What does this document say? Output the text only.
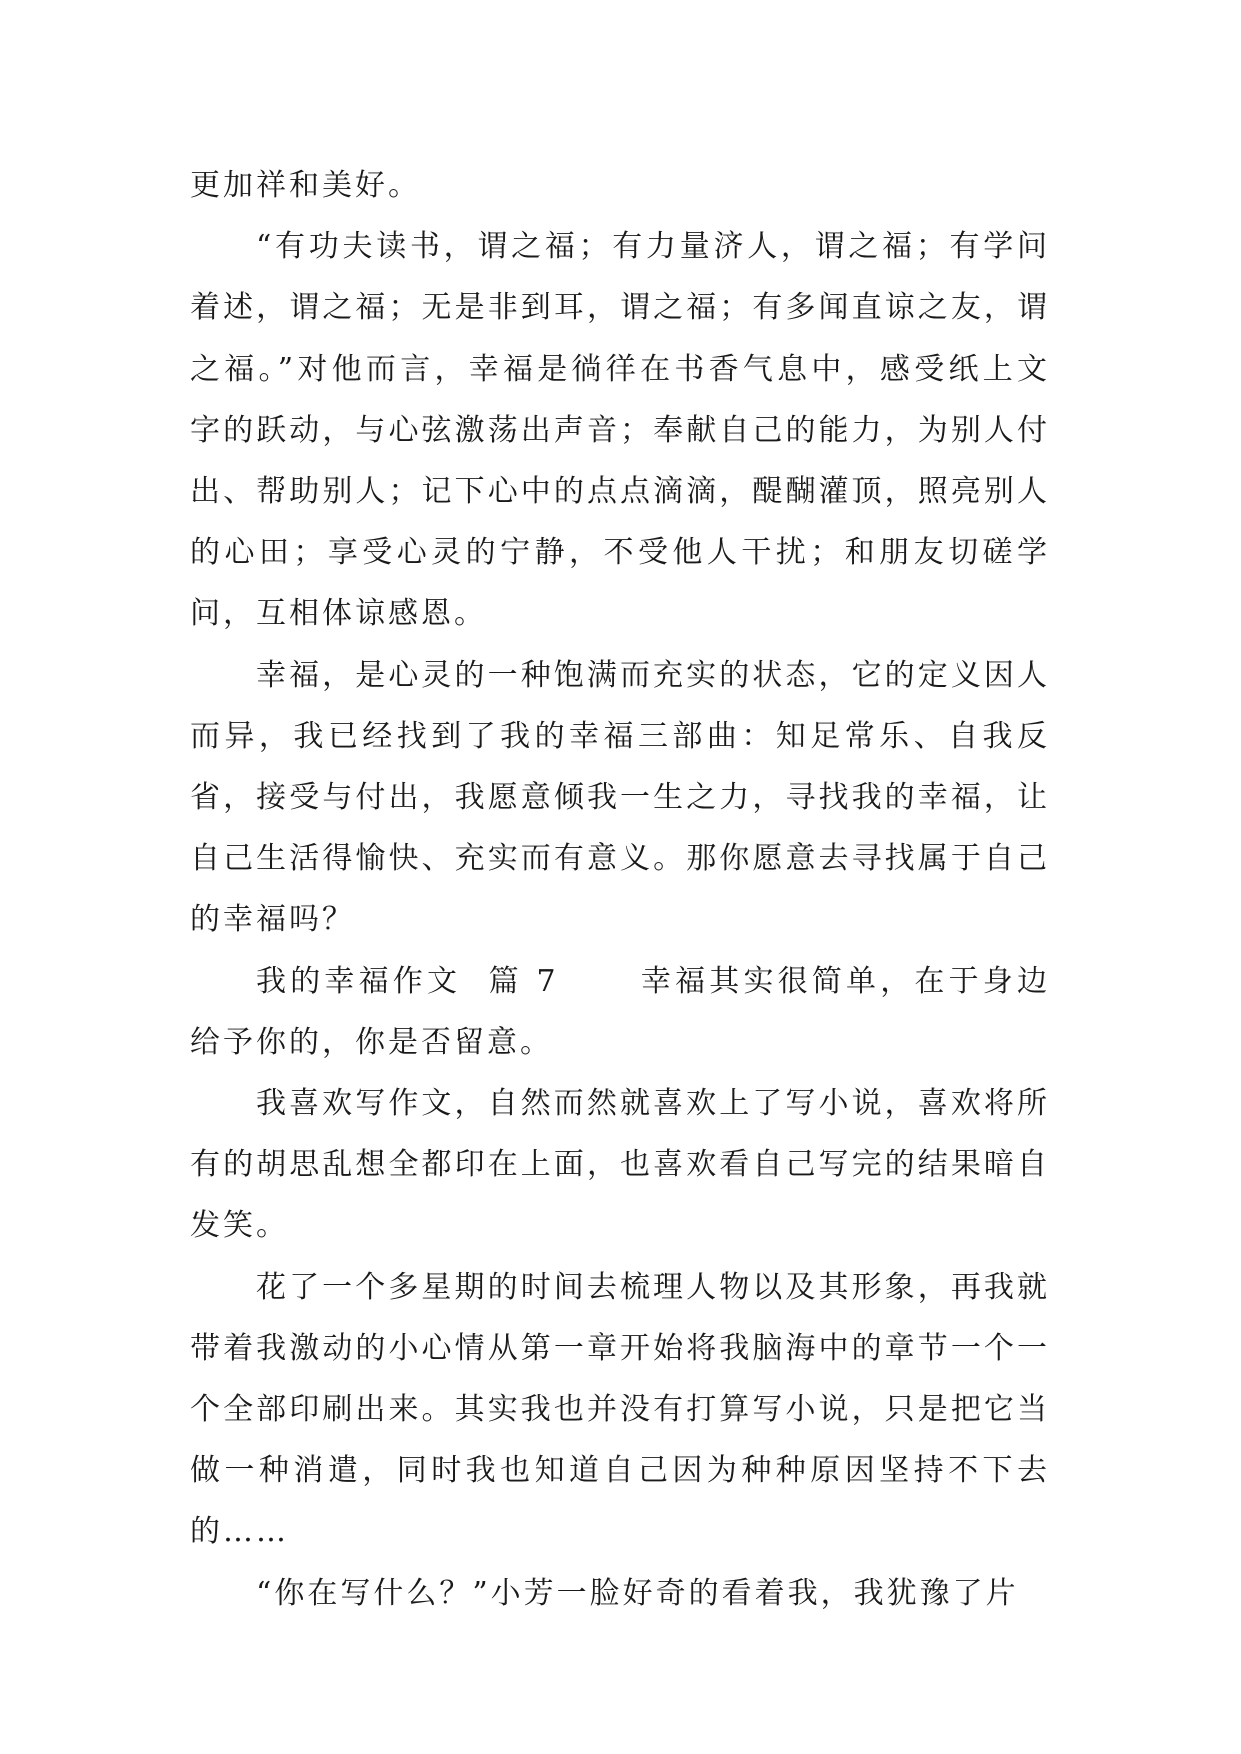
更加祥和美好。

“有功夫读书，谓之福；有力量济人，谓之福；有学问着述，谓之福；无是非到耳，谓之福；有多闻直谅之友，谓之福。”对他而言，幸福是徜徉在书香气息中，感受纸上文字的跃动，与心弦激荡出声音；奉献自己的能力，为别人付出、帮助别人；记下心中的点点滴滴，醍醐灌顶，照亮别人的心田；享受心灵的宁静，不受他人干扰；和朋友切磋学问，互相体谅感恩。

幸福，是心灵的一种饱满而充实的状态，它的定义因人而异，我已经找到了我的幸福三部曲：知足常乐、自我反省，接受与付出，我愿意倾我一生之力，寻找我的幸福，让自己生活得愉快、充实而有意义。那你愿意去寻找属于自己的幸福吗？

我的幸福作文  篇 7      幸福其实很简单，在于身边给予你的，你是否留意。

我喜欢写作文，自然而然就喜欢上了写小说，喜欢将所有的胡思乱想全都印在上面，也喜欢看自己写完的结果暗自发笑。

花了一个多星期的时间去梳理人物以及其形象，再我就带着我激动的小心情从第一章开始将我脑海中的章节一个一个全部印刷出来。其实我也并没有打算写小说，只是把它当做一种消遣，同时我也知道自己因为种种原因坚持不下去的……

“你在写什么？”小芳一脸好奇的看着我，我犹豫了片
